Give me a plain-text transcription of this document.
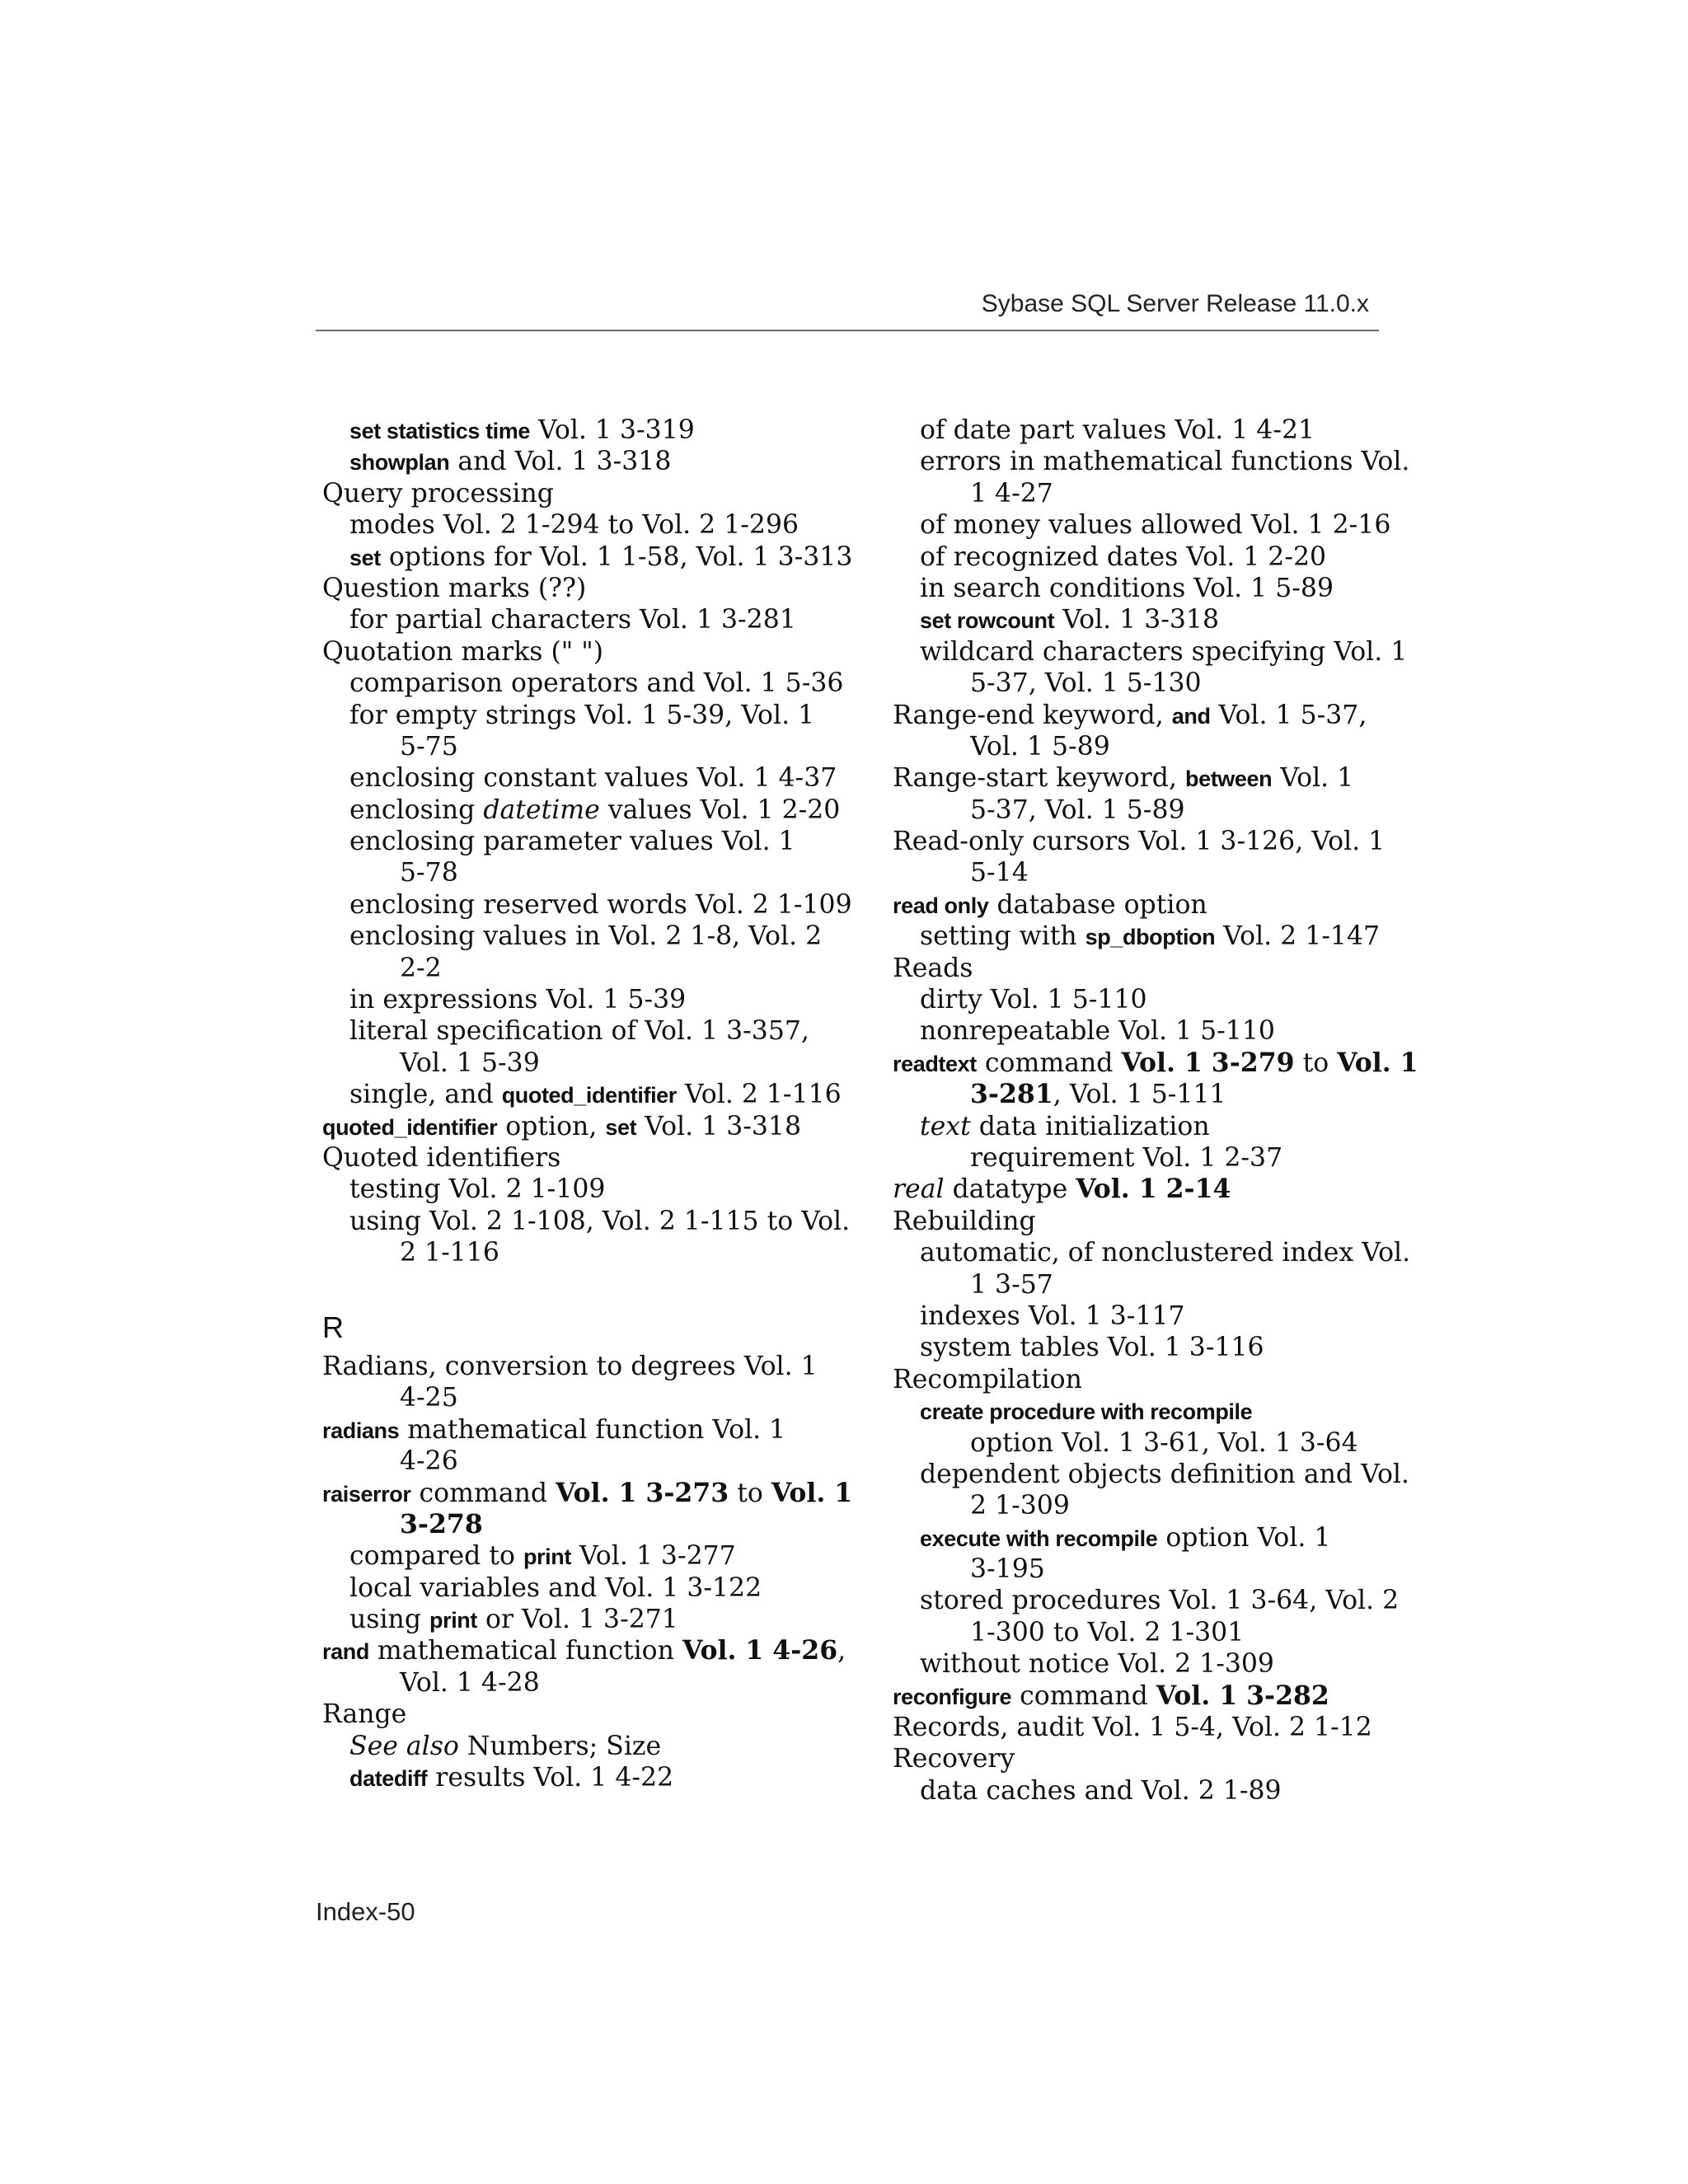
Sybase SQL Server Release 11.0.x
set statistics time Vol. 1 3-319
showplan and Vol. 1 3-318
Query processing
modes Vol. 2 1-294 to Vol. 2 1-296
set options for Vol. 1 1-58, Vol. 1 3-313
Question marks (??)
for partial characters Vol. 1 3-281
Quotation marks (" ")
comparison operators and Vol. 1 5-36
for empty strings Vol. 1 5-39, Vol. 1
5-75
enclosing constant values Vol. 1 4-37
enclosing datetime values Vol. 1 2-20
enclosing parameter values Vol. 1
5-78
enclosing reserved words Vol. 2 1-109
enclosing values in Vol. 2 1-8, Vol. 2
2-2
in expressions Vol. 1 5-39
literal specification of Vol. 1 3-357,
Vol. 1 5-39
single, and quoted_identifier Vol. 2 1-116
quoted_identifier option, set Vol. 1 3-318
Quoted identifiers
testing Vol. 2 1-109
using Vol. 2 1-108, Vol. 2 1-115 to Vol.
2 1-116
R
Radians, conversion to degrees Vol. 1
4-25
radians mathematical function Vol. 1
4-26
raiserror command Vol. 1 3-273 to Vol. 1
3-278
compared to print Vol. 1 3-277
local variables and Vol. 1 3-122
using print or Vol. 1 3-271
rand mathematical function Vol. 1 4-26,
Vol. 1 4-28
Range
See also Numbers; Size
datediff results Vol. 1 4-22
of date part values Vol. 1 4-21
errors in mathematical functions Vol.
1 4-27
of money values allowed Vol. 1 2-16
of recognized dates Vol. 1 2-20
in search conditions Vol. 1 5-89
set rowcount Vol. 1 3-318
wildcard characters specifying Vol. 1
5-37, Vol. 1 5-130
Range-end keyword, and Vol. 1 5-37,
Vol. 1 5-89
Range-start keyword, between Vol. 1
5-37, Vol. 1 5-89
Read-only cursors Vol. 1 3-126, Vol. 1
5-14
read only database option
setting with sp_dboption Vol. 2 1-147
Reads
dirty Vol. 1 5-110
nonrepeatable Vol. 1 5-110
readtext command Vol. 1 3-279 to Vol. 1
3-281, Vol. 1 5-111
text data initialization
requirement Vol. 1 2-37
real datatype Vol. 1 2-14
Rebuilding
automatic, of nonclustered index Vol.
1 3-57
indexes Vol. 1 3-117
system tables Vol. 1 3-116
Recompilation
create procedure with recompile
option Vol. 1 3-61, Vol. 1 3-64
dependent objects definition and Vol.
2 1-309
execute with recompile option Vol. 1
3-195
stored procedures Vol. 1 3-64, Vol. 2
1-300 to Vol. 2 1-301
without notice Vol. 2 1-309
reconfigure command Vol. 1 3-282
Records, audit Vol. 1 5-4, Vol. 2 1-12
Recovery
data caches and Vol. 2 1-89
Index-50
